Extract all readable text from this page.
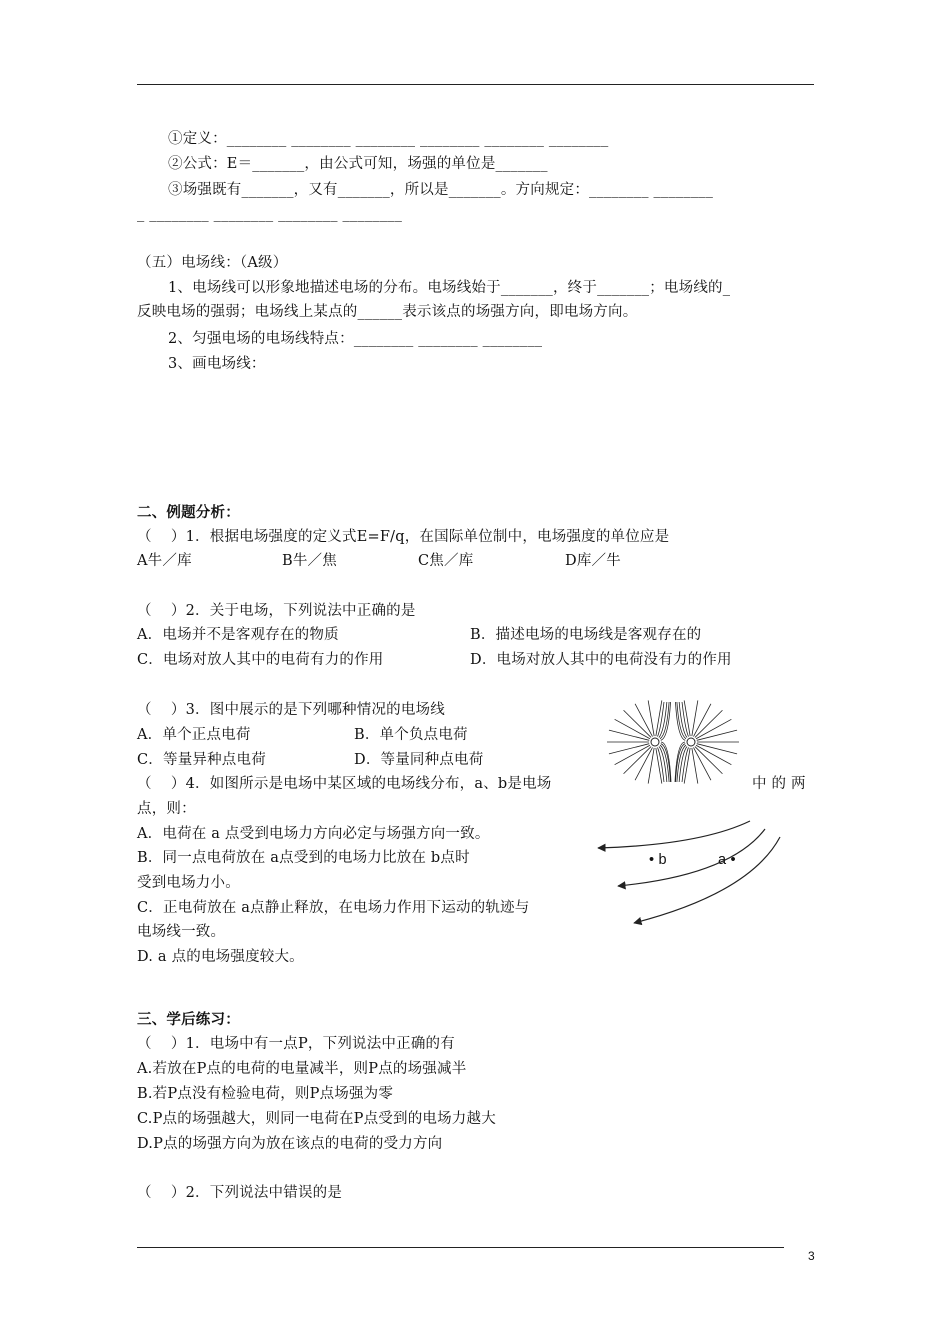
①定义：________ ________ ________ ________ ________ ________
②公式：E＝_______，由公式可知，场强的单位是_______
③场强既有_______，又有_______，所以是_______。方向规定：________ ________
_ ________ ________ ________ ________
（五）电场线：（A级）
1、电场线可以形象地描述电场的分布。电场线始于_______，终于_______；电场线的_
反映电场的强弱；电场线上某点的______表示该点的场强方向，即电场方向。
2、匀强电场的电场线特点：________ ________ ________
3、画电场线：
二、例题分析：
（    ）1．根据电场强度的定义式E=F/q，在国际单位制中，电场强度的单位应是
A牛／库	B牛／焦	C焦／库	D库／牛
（    ）2．关于电场，下列说法中正确的是
A．电场并不是客观存在的物质	B．描述电场的电场线是客观存在的
C．电场对放人其中的电荷有力的作用	D．电场对放人其中的电荷没有力的作用
（    ）3．图中展示的是下列哪种情况的电场线
A．单个正点电荷	B．单个负点电荷
C．等量异种点电荷	D．等量同种点电荷
（    ）4．如图所示是电场中某区域的电场线分布，a、b是电场	中 的 两
点，则：
A．电荷在 a 点受到电场力方向必定与场强方向一致。
B．同一点电荷放在 a点受到的电场力比放在 b点时
受到电场力小。
C．正电荷放在 a点静止释放，在电场力作用下运动的轨迹与
电场线一致。
D. a 点的电场强度较大。
• b	a •
三、学后练习：
（    ）1．电场中有一点P，下列说法中正确的有
A.若放在P点的电荷的电量减半，则P点的场强减半
B.若P点没有检验电荷，则P点场强为零
C.P点的场强越大，则同一电荷在P点受到的电场力越大
D.P点的场强方向为放在该点的电荷的受力方向
（    ）2．下列说法中错误的是
3
